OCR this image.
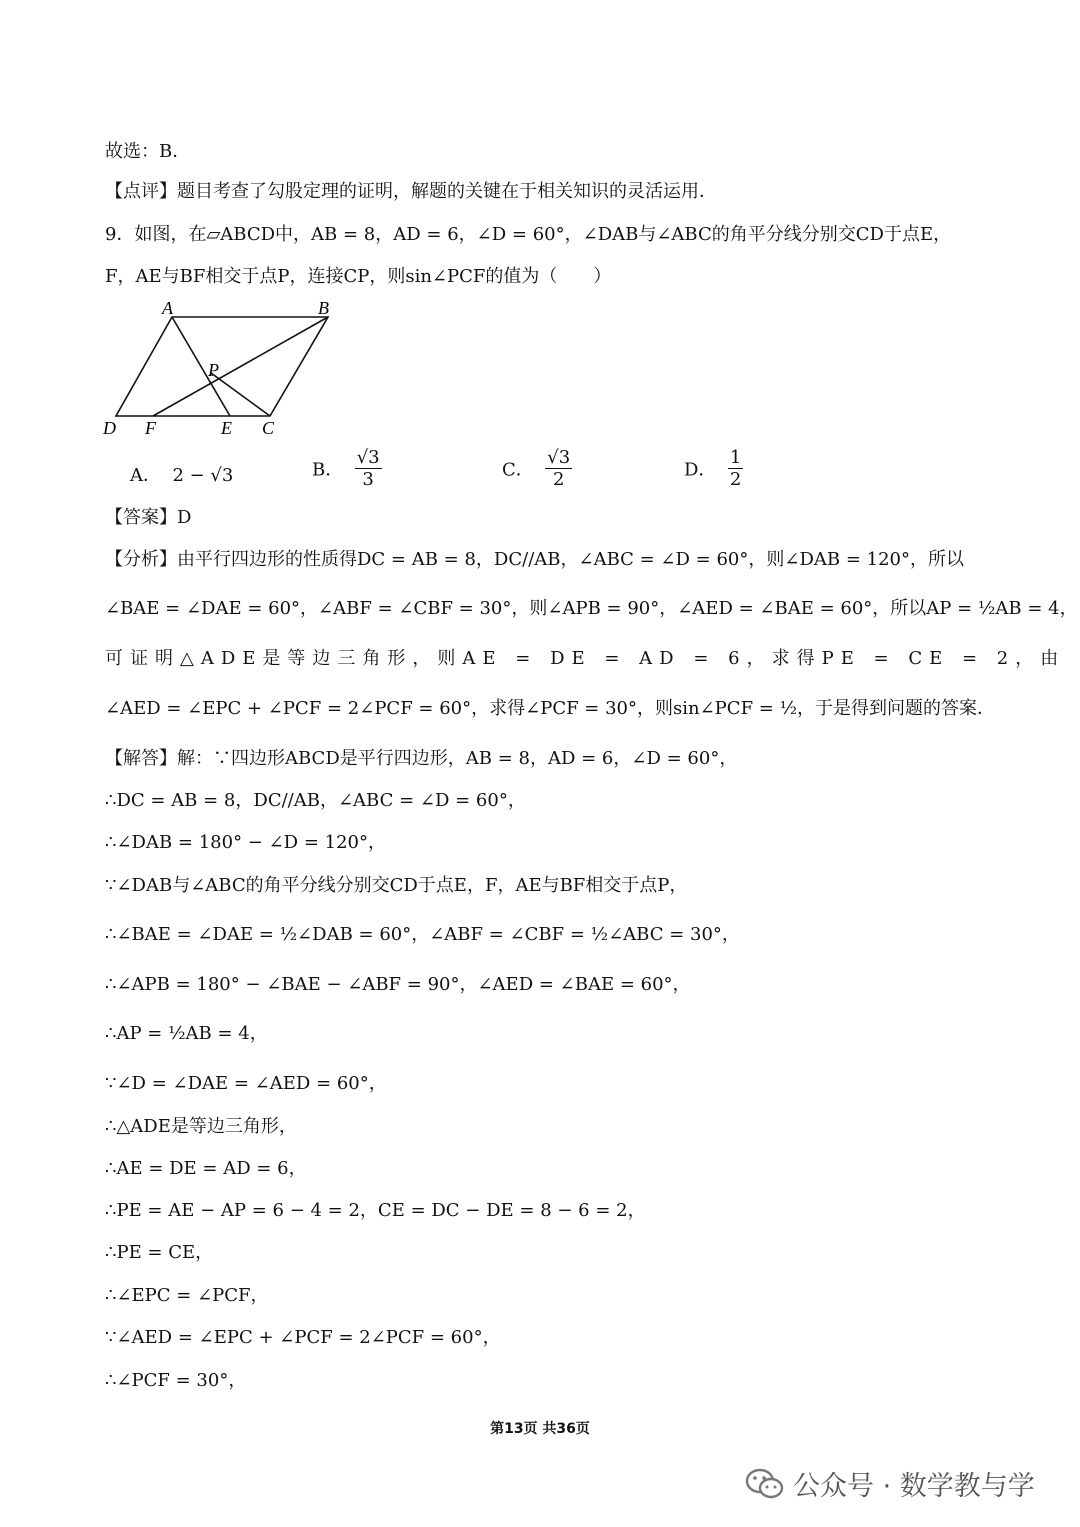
故选：B．
【点评】题目考查了勾股定理的证明，解题的关键在于相关知识的灵活运用．
9．如图，在▱ABCD中，AB = 8，AD = 6，∠D = 60°，∠DAB与∠ABC的角平分线分别交CD于点E，
F，AE与BF相交于点P，连接CP，则sin∠PCF的值为（　　）
A	B
P
D F	E C
A． 2 − √3	B． $\frac{√3}{3}$	C． $\frac{√3}{2}$	D． $\frac{1}{2}$
【答案】D
【分析】由平行四边形的性质得DC = AB = 8，DC//AB，∠ABC = ∠D = 60°，则∠DAB = 120°，所以
∠BAE = ∠DAE = 60°，∠ABF = ∠CBF = 30°，则∠APB = 90°，∠AED = ∠BAE = 60°，所以AP = ½AB = 4，
可证明△ADE是等边三角形，则AE = DE = AD = 6，求得PE = CE = 2，由
∠AED = ∠EPC + ∠PCF = 2∠PCF = 60°，求得∠PCF = 30°，则sin∠PCF = ½，于是得到问题的答案．
【解答】解：∵四边形ABCD是平行四边形，AB = 8，AD = 6，∠D = 60°，
∴DC = AB = 8，DC//AB，∠ABC = ∠D = 60°，
∴∠DAB = 180° − ∠D = 120°，
∵∠DAB与∠ABC的角平分线分别交CD于点E，F，AE与BF相交于点P，
∴∠BAE = ∠DAE = ½∠DAB = 60°，∠ABF = ∠CBF = ½∠ABC = 30°，
∴∠APB = 180° − ∠BAE − ∠ABF = 90°，∠AED = ∠BAE = 60°，
∴AP = ½AB = 4，
∵∠D = ∠DAE = ∠AED = 60°，
∴△ADE是等边三角形，
∴AE = DE = AD = 6，
∴PE = AE − AP = 6 − 4 = 2，CE = DC − DE = 8 − 6 = 2，
∴PE = CE，
∴∠EPC = ∠PCF，
∵∠AED = ∠EPC + ∠PCF = 2∠PCF = 60°，
∴∠PCF = 30°，
第13页 共36页
公众号 · 数学教与学
